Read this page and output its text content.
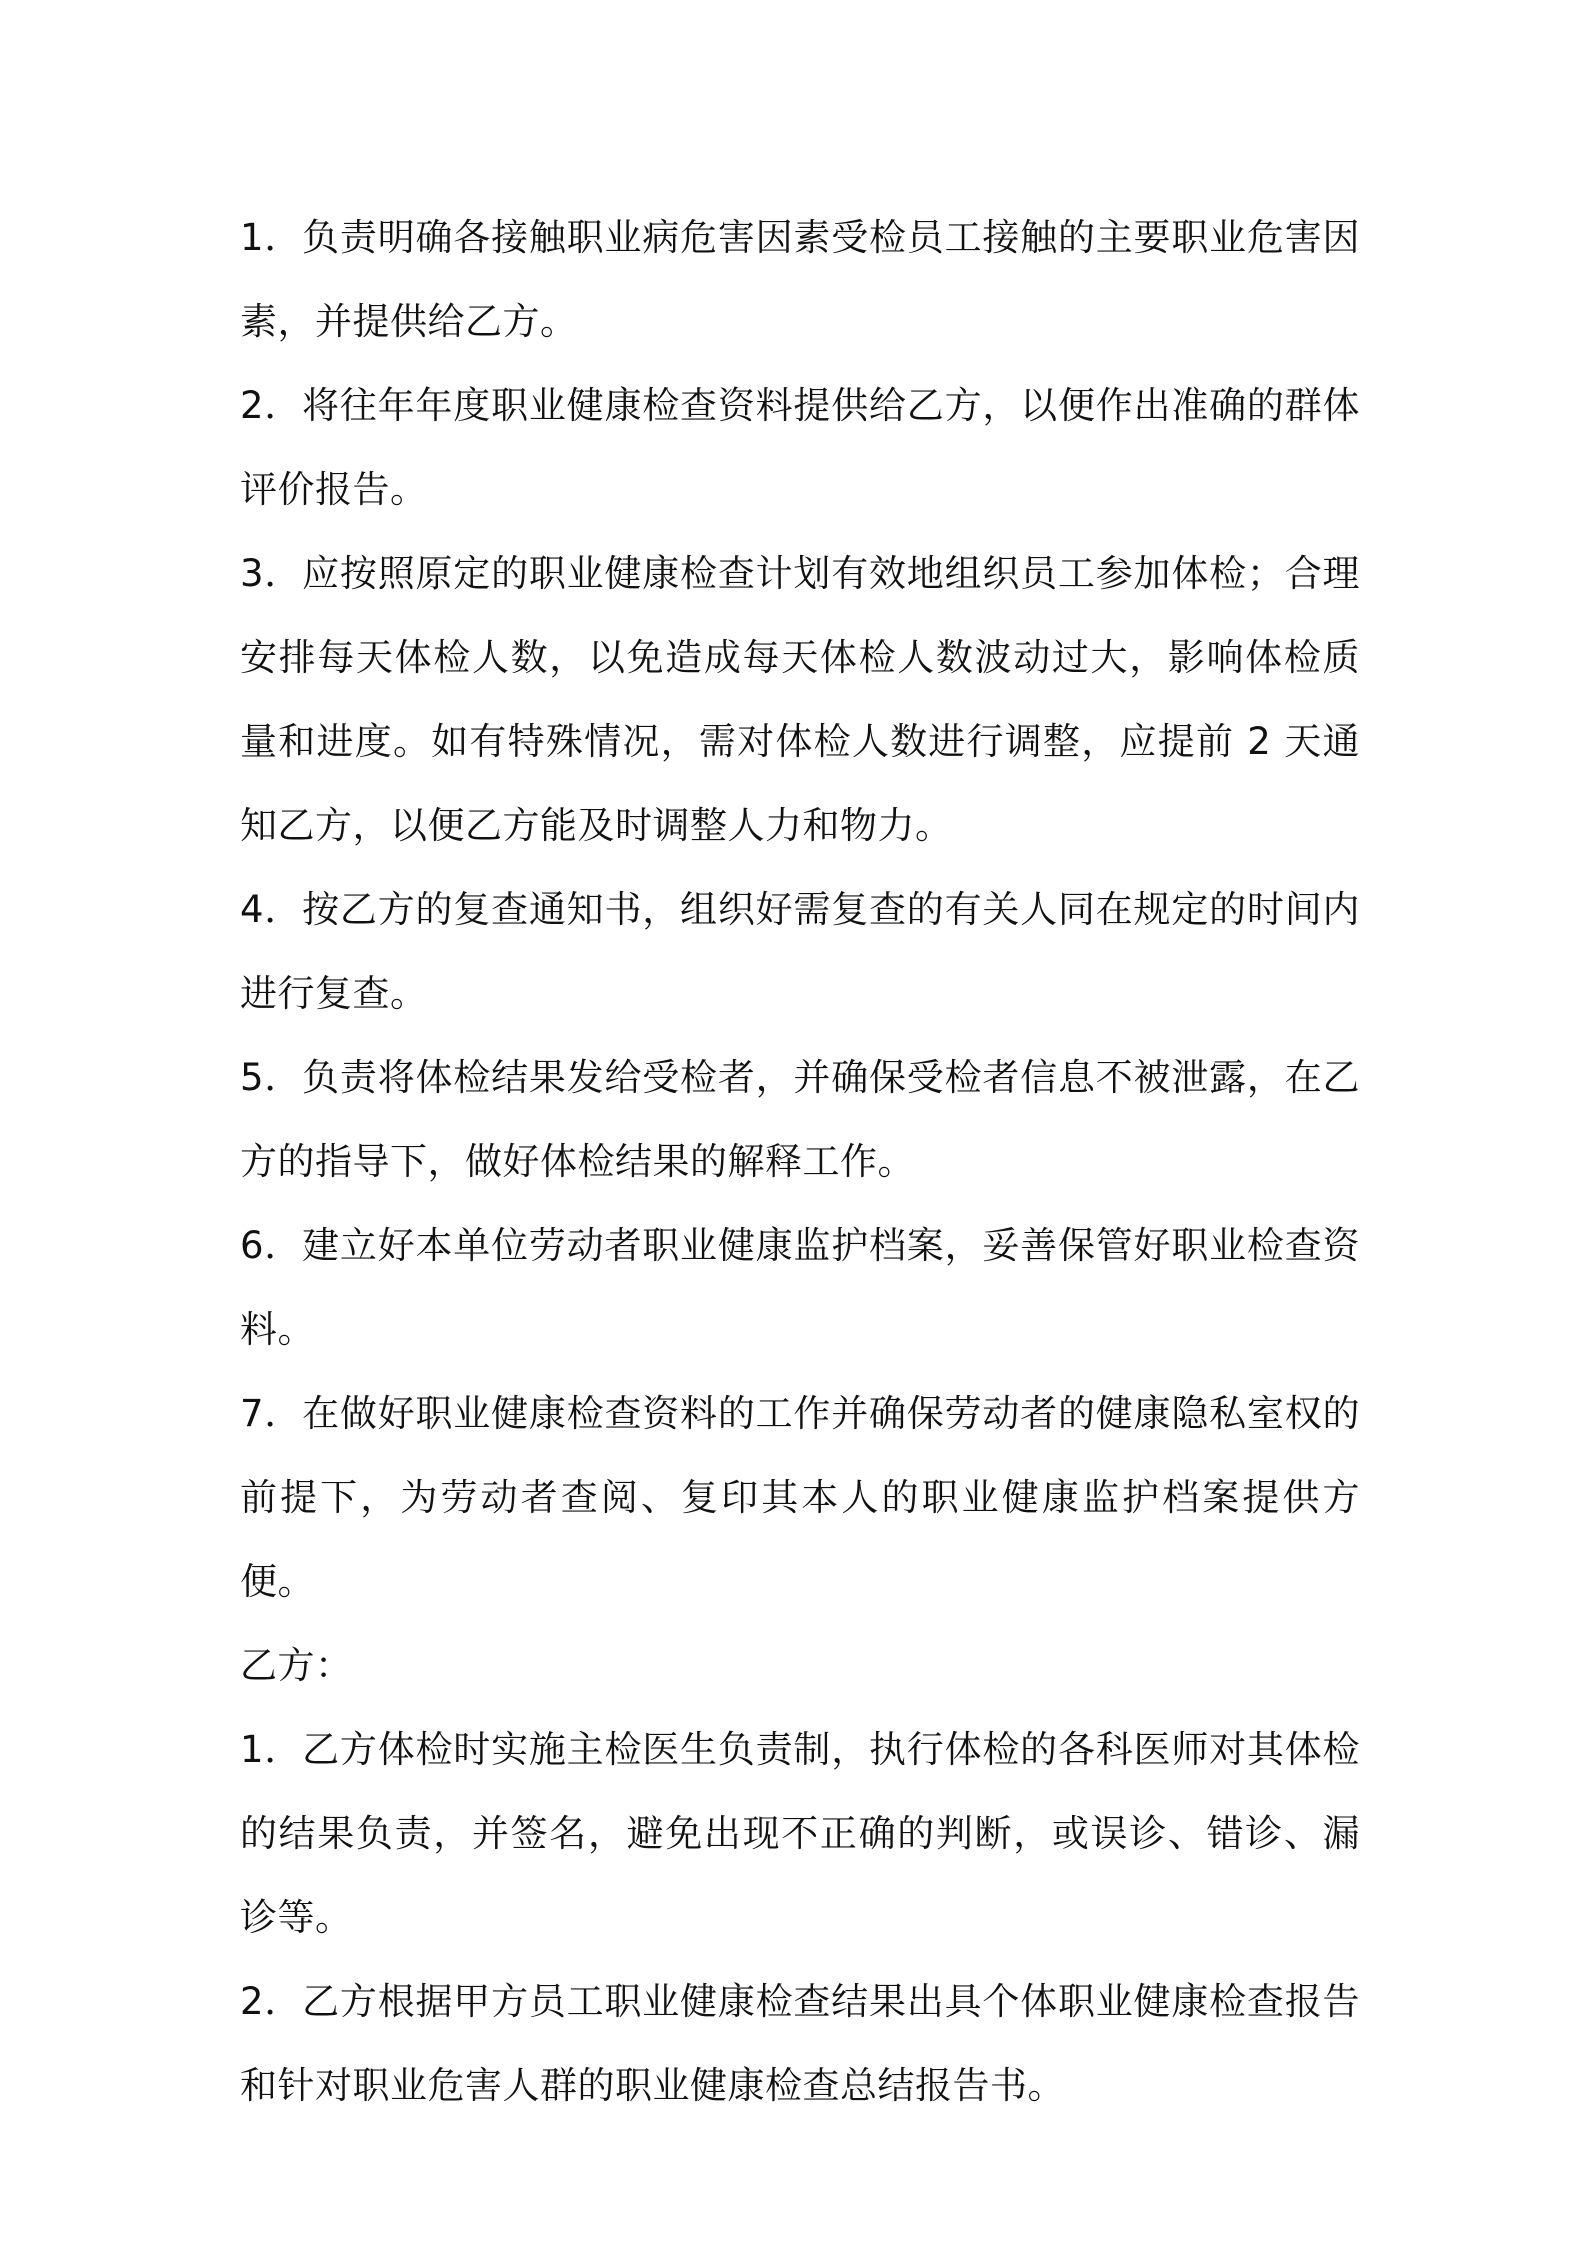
1．负责明确各接触职业病危害因素受检员工接触的主要职业危害因素，并提供给乙方。

2．将往年年度职业健康检查资料提供给乙方，以便作出准确的群体评价报告。

3．应按照原定的职业健康检查计划有效地组织员工参加体检；合理安排每天体检人数，以免造成每天体检人数波动过大，影响体检质量和进度。如有特殊情况，需对体检人数进行调整，应提前 2 天通知乙方，以便乙方能及时调整人力和物力。

4．按乙方的复查通知书，组织好需复查的有关人同在规定的时间内进行复查。

5．负责将体检结果发给受检者，并确保受检者信息不被泄露，在乙方的指导下，做好体检结果的解释工作。

6．建立好本单位劳动者职业健康监护档案，妥善保管好职业检查资料。

7．在做好职业健康检查资料的工作并确保劳动者的健康隐私室权的前提下，为劳动者查阅、复印其本人的职业健康监护档案提供方便。

乙方：

1．乙方体检时实施主检医生负责制，执行体检的各科医师对其体检的结果负责，并签名，避免出现不正确的判断，或误诊、错诊、漏诊等。

2．乙方根据甲方员工职业健康检查结果出具个体职业健康检查报告和针对职业危害人群的职业健康检查总结报告书。
